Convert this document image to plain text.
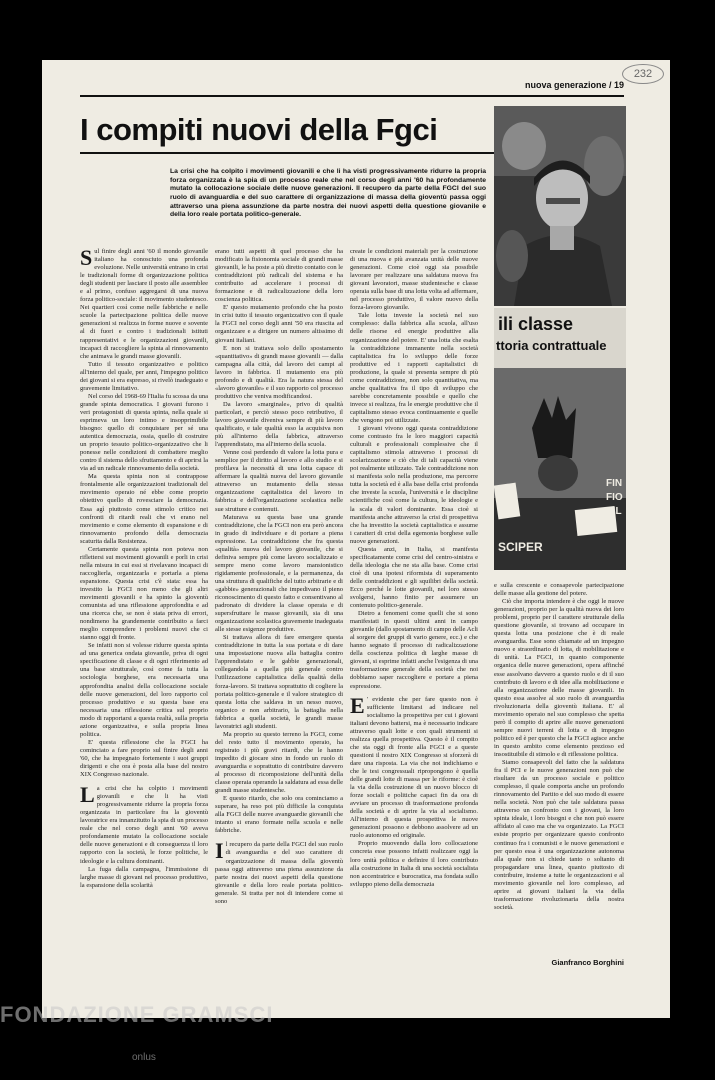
232
nuova generazione / 19
I compiti nuovi della Fgci
La crisi che ha colpito i movimenti giovanili e che li ha visti progressivamente ridurre la propria forza organizzata è la spia di un processo reale che nel corso degli anni '60 ha profondamente mutato la collocazione sociale delle nuove generazioni. Il recupero da parte della FGCI del suo ruolo di avanguardia e del suo carattere di organizzazione di massa della gioventù passa oggi attraverso una piena assunzione da parte nostra dei nuovi aspetti della questione giovanile e della loro reale portata politico-generale.

Sul finire degli anni '60 il mondo giovanile italiano ha conosciuto una profonda evoluzione. Nelle università entrano in crisi le tradizionali forme di organizzazione politica degli studenti per lasciare il posto alle assemblee e al primo, confuso aggregarsi di una nuova forza politico-sociale: il movimento studentesco. Nei quartieri così come nelle fabbriche e nelle scuole la partecipazione politica delle nuove generazioni si realizza in forme nuove e sovente al di fuori e contro i tradizionali istituti rappresentativi e le organizzazioni giovanili, incapaci di raccogliere la spinta al rinnovamento che animava le grandi masse giovanili.

Tutto il tessuto organizzativo e politico all'interno del quale, per anni, l'impegno politico dei giovani si era espresso, si rivelò inadeguato e gravemente limitativo.

Nel corso del 1968-69 l'Italia fu scossa da una grande spinta democratica. I giovani furono i veri protagonisti di questa spinta, nella quale si esprimeva un loro intimo e insopprimibile bisogno: quello di conquistare per sé una autentica democrazia, ossia, quello di costruire un proprio tessuto politico-organizzativo che li ponesse nelle condizioni di combattere meglio contro il sistema dello sfruttamento e di aprirsi la via ad un radicale rinnovamento della società.

Ma questa spinta non si contrappose frontalmente alle organizzazioni tradizionali del movimento operaio né ebbe come proprio obiettivo quello di rovesciare la democrazia. Essa agì piuttosto come stimolo critico nei confronti di ritardi reali che vi erano nel movimento e come elemento di espansione e di rinnovamento profondo della democrazia scaturita dalla Resistenza.

Certamente questa spinta non poteva non riflettersi sui movimenti giovanili e porli in crisi nella misura in cui essi si rivelavano incapaci di raccoglierla, organizzarla e portarla a piena espansione. Questa crisi c'è stata: essa ha investito la FGCI non meno che gli altri movimenti giovanili e ha spinto la gioventù comunista ad una riflessione approfondita e ad una ricerca che, se non è stata priva di errori, nondimeno ha grandemente contribuito a farci meglio comprendere i problemi nuovi che ci stanno oggi di fronte.

Se infatti non si volesse ridurre questa spinta ad una generica ondata giovanile, priva di ogni specificazione di classe e di ogni riferimento ad una base strutturale, così come fa tutta la sociologia borghese, era necessaria una approfondita analisi della collocazione sociale delle nuove generazioni, del loro rapporto col processo produttivo e su questa base era necessaria una riflessione critica sul proprio modo di rapportarsi a questa realtà, sulla propria azione organizzativa, e sulla propria linea politica.

E' questa riflessione che la FGCI ha cominciato a fare proprio sul finire degli anni '60, che ha impegnato fortemente i suoi gruppi dirigenti e che ora è posta alla base del nostro XIX Congresso nazionale.

La crisi che ha colpito i movimenti giovanili e che li ha visti progressivamente ridurre la propria forza organizzata in particolare fra la gioventù lavoratrice era innanzitutto la spia di un processo reale che nel corso degli anni '60 aveva profondamente mutato la collocazione sociale delle nuove generazioni e di conseguenza il loro rapporto con la società, le forze politiche, le ideologie e la cultura dominanti.

La fuga dalla campagna, l'immissione di larghe masse di giovani nel processo produttivo, la espansione della scolarità

erano tutti aspetti di quel processo che ha modificato la fisionomia sociale di grandi masse giovanili, le ha poste a più diretto contatto con le contraddizioni più radicali del sistema e ha contribuito ad accelerare i processi di formazione e di radicalizzazione della loro coscienza politica.

E' questo mutamento profondo che ha posto in crisi tutto il tessuto organizzativo con il quale la FGCI nel corso degli anni '50 era riuscita ad organizzare e a dirigere un numero altissimo di giovani italiani.

E non si trattava solo dello spostamento «quantitativo» di grandi masse giovanili — dalla campagna alla città, dal lavoro dei campi al lavoro in fabbrica. Il mutamento era più profondo e di qualità. Era la natura stessa del «lavoro giovanile» e il suo rapporto col processo produttivo che veniva modificandosi.

Da lavoro «marginale», privo di qualità particolari, e perciò stesso poco retributivo, il lavoro giovanile diveniva sempre di più lavoro qualificato, e tale qualità esso la acquisiva non più all'interno della fabbrica, attraverso l'apprendistato, ma all'interno della scuola.

Venne così perdendo di valore la lotta pura e semplice per il diritto al lavoro e allo studio e si profilava la necessità di una lotta capace di affermare la qualità nuova del lavoro giovanile attraverso un mutamento della stessa organizzazione capitalistica del lavoro in fabbrica e dell'organizzazione scolastica nelle sue strutture e contenuti.

Maturava su questa base una grande contraddizione, che la FGCI non era però ancora in grado di individuare e di portare a piena espressione. La contraddizione che fra questa «qualità» nuova del lavoro giovanile, che si definiva sempre più come lavoro socializzato e sempre meno come lavoro mansionistico rigidamente professionale, e la permanenza, da una struttura di qualifiche del tutto arbitrarie e di «gabbie» generazionali che impedivano il pieno riconoscimento di questo fatto e consentivano al padronato di dividere la classe operaia e di supersfruttare le masse giovanili, sia di una organizzazione scolastica gravemente inadeguata alle stesse esigenze produttive.

Si trattava allora di fare emergere questa contraddizione in tutta la sua portata e di dare una impostazione nuova alla battaglia contro l'apprendistato e le gabbie generazionali, collegandola a quella più generale contro l'utilizzazione capitalistica della qualità della forza-lavoro. Si trattava soprattutto di cogliere la portata politico-generale e il valore strategico di questa lotta che saldava in un nesso nuovo, organico e non arbitrario, la battaglia nella fabbrica a quella società, le grandi masse lavoratrici agli studenti.

Ma proprio su questo terreno la FGCI, come del resto tutto il movimento operaio, ha registrato i più gravi ritardi, che le hanno impedito di giocare sino in fondo un ruolo di avanguardia e soprattutto di contribuire davvero al processo di ricomposizione dell'unità della classe operaia operando la saldatura ad essa delle grandi masse studentesche.

E questo ritardo, che solo ora cominciamo a superare, ha reso poi più difficile la conquista alla FGCI delle nuove avanguardie giovanili che intanto si erano formate nella scuola e nelle fabbriche.

Il recupero da parte della FGCI del suo ruolo di avanguardia e del suo carattere di organizzazione di massa della gioventù passa oggi attraverso una piena assunzione da parte nostra dei nuovi aspetti della questione giovanile e della loro reale portata politico-generale. Si tratta per noi di intendere come si sono

create le condizioni materiali per la costruzione di una nuova e più avanzata unità delle nuove generazioni. Come cioè oggi sia possibile lavorare per realizzare una saldatura nuova fra giovani lavoratori, masse studentesche e classe operaia sulla base di una lotta volta ad affermare, nel processo produttivo, il valore nuovo della forza-lavoro giovanile.

Tale lotta investe la società nel suo complesso: dalla fabbrica alla scuola, all'uso delle risorse ed energie produttive alla organizzazione del potere. E' una lotta che esalta la contraddizione immanente nella società capitalistica fra lo sviluppo delle forze produttive ed i rapporti capitalistici di produzione, la quale si presenta sempre di più come contraddizione, non solo quantitativa, ma anche qualitativa fra il tipo di sviluppo che sarebbe concretamente possibile e quello che invece si realizza, fra le energie produttive che il capitalismo stesso evoca continuamente e quelle che vengono poi utilizzate.

I giovani vivono oggi questa contraddizione come contrasto fra le loro maggiori capacità culturali e professionali complessive che il capitalismo stimola attraverso i processi di scolarizzazione e ciò che di tali capacità viene poi realmente utilizzato. Tale contraddizione non si manifesta solo nella produzione, ma percorre tutta la società ed è alla base della crisi profonda che investe la scuola, l'università e le discipline scientifiche così come la cultura, le ideologie e la scala di valori dominante. Essa cioè si manifesta anche attraverso la crisi di prospettiva che ha investito la società capitalistica e assume i caratteri di crisi della egemonia borghese sulle nuove generazioni.

Questa anzi, in Italia, si manifesta specificatamente come crisi del centro-sinistra e della ideologia che ne sta alla base. Come crisi cioè di una ipotesi riformista di superamento delle contraddizioni e gli squilibri della società. Ecco perché le lotte giovanili, nel loro stesso svolgersi, hanno finito per assumere un contenuto politico-generale.

Dietro a fenomeni come quelli che si sono manifestati in questi ultimi anni in campo giovanile (dallo spostamento di campo delle Acli al sorgere dei gruppi di vario genere, ecc.) e che hanno segnato il processo di radicalizzazione della coscienza politica di larghe masse di giovani, si esprime infatti anche l'esigenza di una trasformazione generale della società che noi dobbiamo saper raccogliere e portare a piena espressione.

E ' evidente che per fare questo non è sufficiente limitarsi ad indicare nel socialismo la prospettiva per cui i giovani italiani devono battersi, ma è necessario indicare attraverso quali lotte e con quali strumenti si realizza quella prospettiva. Questo è il compito che sta oggi di fronte alla FGCI e a queste questioni il nostro XIX Congresso si sforzerà di dare una risposta. La via che noi indichiamo e che le tesi congressuali ripropongono è quella delle grandi lotte di massa per le riforme: è cioè la via della costruzione di un nuovo blocco di forze sociali e politiche capaci fin da ora di avviare un processo di trasformazione profonda della società e di aprire la via al socialismo. All'interno di questa prospettiva le nuove generazioni possono e debbono assolvere ad un ruolo autonomo ed originale.

Proprio muovendo dalla loro collocazione concreta esse possono infatti realizzare oggi la loro unità politica e definire il loro contributo alla costruzione in Italia di una società socialista non accentratrice e burocratica, ma fondata sullo sviluppo pieno della democrazia

e sulla crescente e consapevole partecipazione delle masse alla gestione del potere.

Ciò che importa intendere è che oggi le nuove generazioni, proprio per la qualità nuova dei loro problemi, proprio per il carattere strutturale della questione giovanile, si trovano ad occupare in questa lotta una posizione che è di reale avanguardia. Esse sono chiamate ad un impegno nuovo e straordinario di lotta, di mobilitazione e di unità. La FGCI, in quanto componente organica delle nuove generazioni, opera affinché esse assolvano davvero a questo ruolo e di il suo contributo di lavoro e di idee alla mobilitazione e alla organizzazione delle masse giovanili. In questo essa assolve al suo ruolo di avanguardia rivoluzionaria della gioventù italiana. E' al movimento operaio nel suo complesso che spetta però il compito di aprire alle nuove generazioni sempre nuovi terreni di lotta e di impegno politico ed è per questo che la FGCI agisce anche in questo ambito come elemento prezioso ed insostituibile di stimolo e di riflessione politica.

Siamo consapevoli del fatto che la saldatura fra il PCI e le nuove generazioni non può che risultare da un processo sociale e politico complesso, il quale comporta anche un profondo rinnovamento del Partito e del suo modo di essere nella società. Non può che tale saldatura passa attraverso un confronto con i giovani, la loro spinta ideale, i loro bisogni e che non può essere affidato al caso ma che va organizzato. La FGCI esiste proprio per organizzare questo confronto continuo fra i comunisti e le nuove generazioni e per questo essa è una organizzazione autonoma alla quale non si chiede tanto o soltanto di propagandare una linea, quanto piuttosto di contribuire, insieme a tutte le organizzazioni e al movimento giovanile nel loro complesso, ad aprire ai giovani italiani la via della trasformazione rivoluzionaria della nostra società.

Gianfranco Borghini
ili classe
ttoria contrattuale
FIN
FIO
VIL
SCIPER
FONDAZIONE GRAMSCI
onlus
